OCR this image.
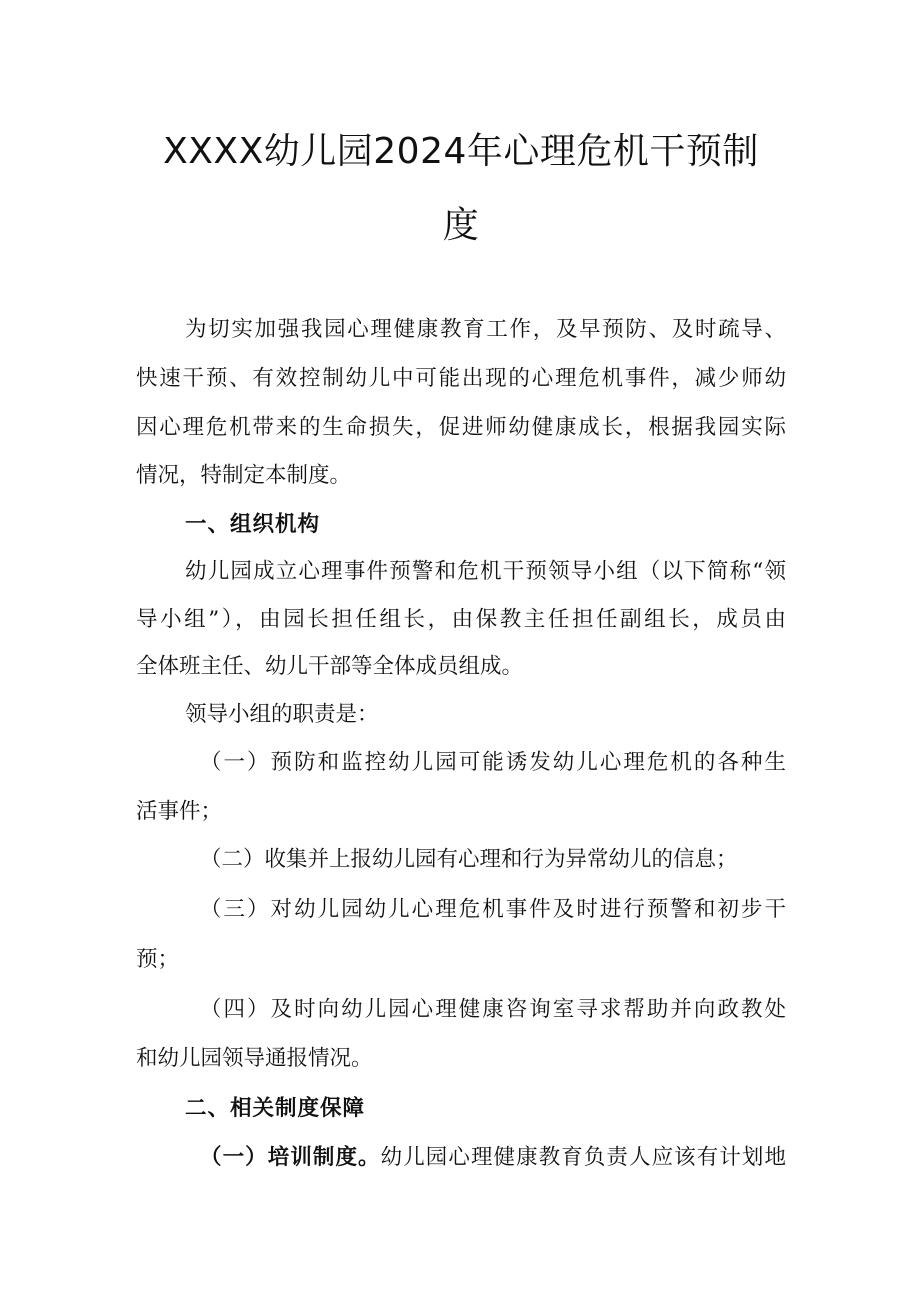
XXXX幼儿园2024年心理危机干预制
度
为切实加强我园心理健康教育工作，及早预防、及时疏导、
快速干预、有效控制幼儿中可能出现的心理危机事件，减少师幼
因心理危机带来的生命损失，促进师幼健康成长，根据我园实际
情况，特制定本制度。
一、组织机构
幼儿园成立心理事件预警和危机干预领导小组（以下简称“领
导小组”），由园长担任组长，由保教主任担任副组长，成员由
全体班主任、幼儿干部等全体成员组成。
领导小组的职责是：
（一）预防和监控幼儿园可能诱发幼儿心理危机的各种生
活事件；
（二）收集并上报幼儿园有心理和行为异常幼儿的信息；
（三）对幼儿园幼儿心理危机事件及时进行预警和初步干
预；
（四）及时向幼儿园心理健康咨询室寻求帮助并向政教处
和幼儿园领导通报情况。
二、相关制度保障
（一）培训制度。幼儿园心理健康教育负责人应该有计划地
